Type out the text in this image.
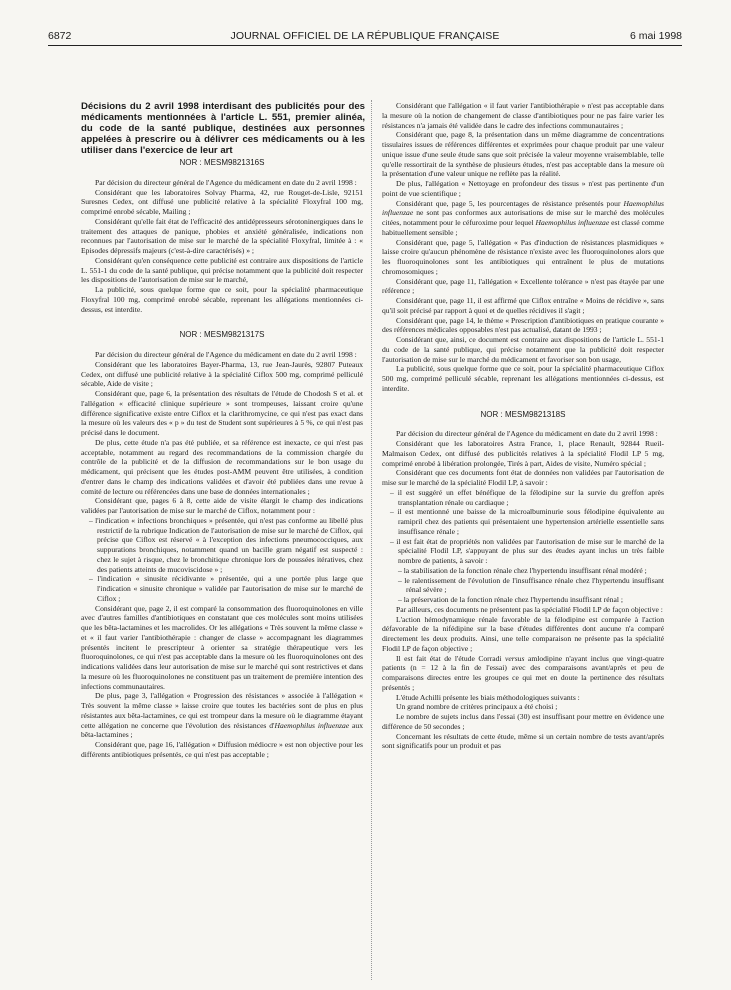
6872	JOURNAL OFFICIEL DE LA RÉPUBLIQUE FRANÇAISE	6 mai 1998
Décisions du 2 avril 1998 interdisant des publicités pour des médicaments mentionnées à l'article L. 551, premier alinéa, du code de la santé publique, destinées aux personnes appelées à prescrire ou à délivrer ces médicaments ou à les utiliser dans l'exercice de leur art

NOR : MESM9821316S

Par décision du directeur général de l'Agence du médicament en date du 2 avril 1998 :

Considérant que les laboratoires Solvay Pharma, 42, rue Rouget-de-Lisle, 92151 Suresnes Cedex, ont diffusé une publicité relative à la spécialité Floxyfral 100 mg, comprimé enrobé sécable, Mailing ;

Considérant qu'elle fait état de l'efficacité des antidépresseurs sérotoninergiques dans le traitement des attaques de panique, phobies et anxiété généralisée, indications non reconnues par l'autorisation de mise sur le marché de la spécialité Floxyfral, limitée à : « Episodes dépressifs majeurs (c'est-à-dire caractérisés) » ;

Considérant qu'en conséquence cette publicité est contraire aux dispositions de l'article L. 551-1 du code de la santé publique, qui précise notamment que la publicité doit respecter les dispositions de l'autorisation de mise sur le marché,

La publicité, sous quelque forme que ce soit, pour la spécialité pharmaceutique Floxyfral 100 mg, comprimé enrobé sécable, reprenant les allégations mentionnées ci-dessus, est interdite.

NOR : MESM9821317S

Par décision du directeur général de l'Agence du médicament en date du 2 avril 1998 :

Considérant que les laboratoires Bayer-Pharma, 13, rue Jean-Jaurès, 92807 Puteaux Cedex, ont diffusé une publicité relative à la spécialité Ciflox 500 mg, comprimé pelliculé sécable, Aide de visite ;

Considérant que, page 6, la présentation des résultats de l'étude de Chodosh S et al. et l'allégation « efficacité clinique supérieure » sont trompeuses, laissant croire qu'une différence significative existe entre Ciflox et la clarithromycine, ce qui n'est pas exact dans la mesure où les valeurs des « p » du test de Student sont supérieures à 5 %, ce qui n'est pas précisé dans le document.

De plus, cette étude n'a pas été publiée, et sa référence est inexacte, ce qui n'est pas acceptable, notamment au regard des recommandations de la commission chargée du contrôle de la publicité et de la diffusion de recommandations sur le bon usage du médicament, qui précisent que les études post-AMM peuvent être utilisées, à condition d'entrer dans le champ des indications validées et d'avoir été publiées dans une revue à comité de lecture ou référencées dans une base de données internationales ;

Considérant que, pages 6 à 8, cette aide de visite élargit le champ des indications validées par l'autorisation de mise sur le marché de Ciflox, notamment pour :

– l'indication « infections bronchiques » présentée, qui n'est pas conforme au libellé plus restrictif de la rubrique Indication de l'autorisation de mise sur le marché de Ciflox, qui précise que Ciflox est réservé « à l'exception des infections pneumococciques, aux suppurations bronchiques, notamment quand un bacille gram négatif est suspecté : chez le sujet à risque, chez le bronchitique chronique lors de poussées itératives, chez des patients atteints de mucoviscidose » ;

– l'indication « sinusite récidivante » présentée, qui a une portée plus large que l'indication « sinusite chronique » validée par l'autorisation de mise sur le marché de Ciflox ;

Considérant que, page 2, il est comparé la consommation des fluoroquinolones en ville avec d'autres familles d'antibiotiques en constatant que ces molécules sont moins utilisées que les bêta-lactamines et les macrolides. Or les allégations « Très souvent la même classe » et « il faut varier l'antibiothérapie : changer de classe » accompagnant les diagrammes présentés incitent le prescripteur à orienter sa stratégie thérapeutique vers les fluoroquinolones, ce qui n'est pas acceptable dans la mesure où les fluoroquinolones ont des indications validées dans leur autorisation de mise sur le marché qui sont restrictives et dans la mesure où les fluoroquinolones ne constituent pas un traitement de première intention des infections communautaires.

De plus, page 3, l'allégation « Progression des résistances » associée à l'allégation « Très souvent la même classe » laisse croire que toutes les bactéries sont de plus en plus résistantes aux bêta-lactamines, ce qui est trompeur dans la mesure où le diagramme étayant cette allégation ne concerne que l'évolution des résistances d'Haemophilus influenzae aux bêta-lactamines ;

Considérant que, page 16, l'allégation « Diffusion médiocre » est non objective pour les différents antibiotiques présentés, ce qui n'est pas acceptable ;

Considérant que l'allégation « il faut varier l'antibiothérapie » n'est pas acceptable dans la mesure où la notion de changement de classe d'antibiotiques pour ne pas faire varier les résistances n'a jamais été validée dans le cadre des infections communautaires ;

Considérant que, page 8, la présentation dans un même diagramme de concentrations tissulaires issues de références différentes et exprimées pour chaque produit par une valeur unique issue d'une seule étude sans que soit précisée la valeur moyenne vraisemblable, telle qu'elle ressortirait de la synthèse de plusieurs études, n'est pas acceptable dans la mesure où la présentation d'une valeur unique ne reflète pas la réalité.

De plus, l'allégation « Nettoyage en profondeur des tissus » n'est pas pertinente d'un point de vue scientifique ;

Considérant que, page 5, les pourcentages de résistance présentés pour Haemophilus influenzae ne sont pas conformes aux autorisations de mise sur le marché des molécules citées, notamment pour le céfuroxime pour lequel Haemophilus influenzae est classé comme habituellement sensible ;

Considérant que, page 5, l'allégation « Pas d'induction de résistances plasmidiques » laisse croire qu'aucun phénomène de résistance n'existe avec les fluoroquinolones alors que les fluoroquinolones sont les antibiotiques qui entraînent le plus de mutations chromosomiques ;

Considérant que, page 11, l'allégation « Excellente tolérance » n'est pas étayée par une référence ;

Considérant que, page 11, il est affirmé que Ciflox entraîne « Moins de récidive », sans qu'il soit précisé par rapport à quoi et de quelles récidives il s'agit ;

Considérant que, page 14, le thème « Prescription d'antibiotiques en pratique courante » des références médicales opposables n'est pas actualisé, datant de 1993 ;

Considérant que, ainsi, ce document est contraire aux dispositions de l'article L. 551-1 du code de la santé publique, qui précise notamment que la publicité doit respecter l'autorisation de mise sur le marché du médicament et favoriser son bon usage,

La publicité, sous quelque forme que ce soit, pour la spécialité pharmaceutique Ciflox 500 mg, comprimé pelliculé sécable, reprenant les allégations mentionnées ci-dessus, est interdite.

NOR : MESM9821318S

Par décision du directeur général de l'Agence du médicament en date du 2 avril 1998 :

Considérant que les laboratoires Astra France, 1, place Renault, 92844 Rueil-Malmaison Cedex, ont diffusé des publicités relatives à la spécialité Flodil LP 5 mg, comprimé enrobé à libération prolongée, Tirés à part, Aides de visite, Numéro spécial ;

Considérant que ces documents font état de données non validées par l'autorisation de mise sur le marché de la spécialité Flodil LP, à savoir :

– il est suggéré un effet bénéfique de la félodipine sur la survie du greffon après transplantation rénale ou cardiaque ;

– il est mentionné une baisse de la microalbuminurie sous félodipine équivalente au ramipril chez des patients qui présentaient une hypertension artérielle essentielle sans insuffisance rénale ;

– il est fait état de propriétés non validées par l'autorisation de mise sur le marché de la spécialité Flodil LP, s'appuyant de plus sur des études ayant inclus un très faible nombre de patients, à savoir :

– la stabilisation de la fonction rénale chez l'hypertendu insuffisant rénal modéré ;

– le ralentissement de l'évolution de l'insuffisance rénale chez l'hypertendu insuffisant rénal sévère ;

– la préservation de la fonction rénale chez l'hypertendu insuffisant rénal ;

Par ailleurs, ces documents ne présentent pas la spécialité Flodil LP de façon objective :

L'action hémodynamique rénale favorable de la félodipine est comparée à l'action défavorable de la nifédipine sur la base d'études différentes dont aucune n'a comparé directement les deux produits. Ainsi, une telle comparaison ne présente pas la spécialité Flodil LP de façon objective ;

Il est fait état de l'étude Corradi versus amlodipine n'ayant inclus que vingt-quatre patients (n = 12 à la fin de l'essai) avec des comparaisons avant/après et peu de comparaisons directes entre les groupes ce qui met en doute la pertinence des résultats présentés ;

L'étude Achilli présente les biais méthodologiques suivants :

Un grand nombre de critères principaux a été choisi ;

Le nombre de sujets inclus dans l'essai (30) est insuffisant pour mettre en évidence une différence de 50 secondes ;

Concernant les résultats de cette étude, même si un certain nombre de tests avant/après sont significatifs pour un produit et pas
